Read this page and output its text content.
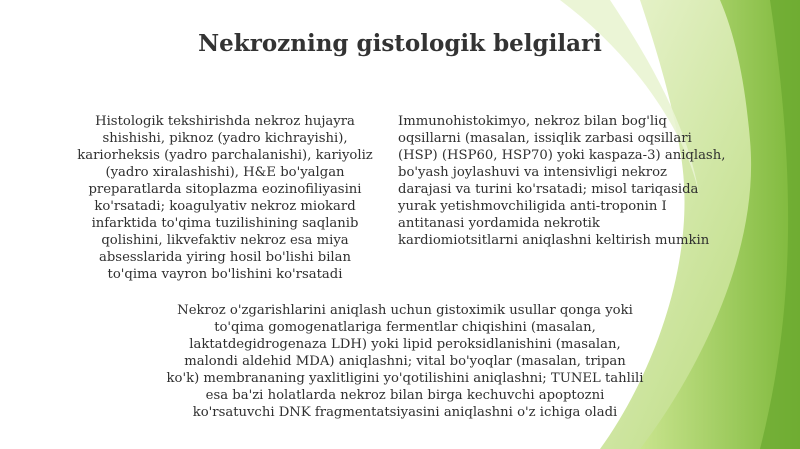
Nekrozning gistologik belgilari

Histologik tekshirishda nekroz hujayra
shishishi, piknoz (yadro kichrayishi),
kariorheksis (yadro parchalanishi), kariyoliz
(yadro xiralashishi), H&E bo'yalgan
preparatlarda sitoplazma eozinofiliyasini
ko'rsatadi; koagulyativ nekroz miokard
infarktida to'qima tuzilishining saqlanib
qolishini, likvefaktiv nekroz esa miya
absesslarida yiring hosil bo'lishi bilan
to'qima vayron bo'lishini ko'rsatadi

Immunohistokimyo, nekroz bilan bog'liq
oqsillarni (masalan, issiqlik zarbasi oqsillari
(HSP) (HSP60, HSP70) yoki kaspaza-3) aniqlash,
bo'yash joylashuvi va intensivligi nekroz
darajasi va turini ko'rsatadi; misol tariqasida
yurak yetishmovchiligida anti-troponin I
antitanasi yordamida nekrotik
kardiomiotsitlarni aniqlashni keltirish mumkin

Nekroz o'zgarishlarini aniqlash uchun gistoximik usullar qonga yoki
to'qima gomogenatlariga fermentlar chiqishini (masalan,
laktatdegidrogenaza LDH) yoki lipid peroksidlanishini (masalan,
malondi aldehid MDA) aniqlashni; vital bo'yoqlar (masalan, tripan
ko'k) membrananing yaxlitligini yo'qotilishini aniqlashni; TUNEL tahlili
esa ba'zi holatlarda nekroz bilan birga kechuvchi apoptozni
ko'rsatuvchi DNK fragmentatsiyasini aniqlashni o'z ichiga oladi
